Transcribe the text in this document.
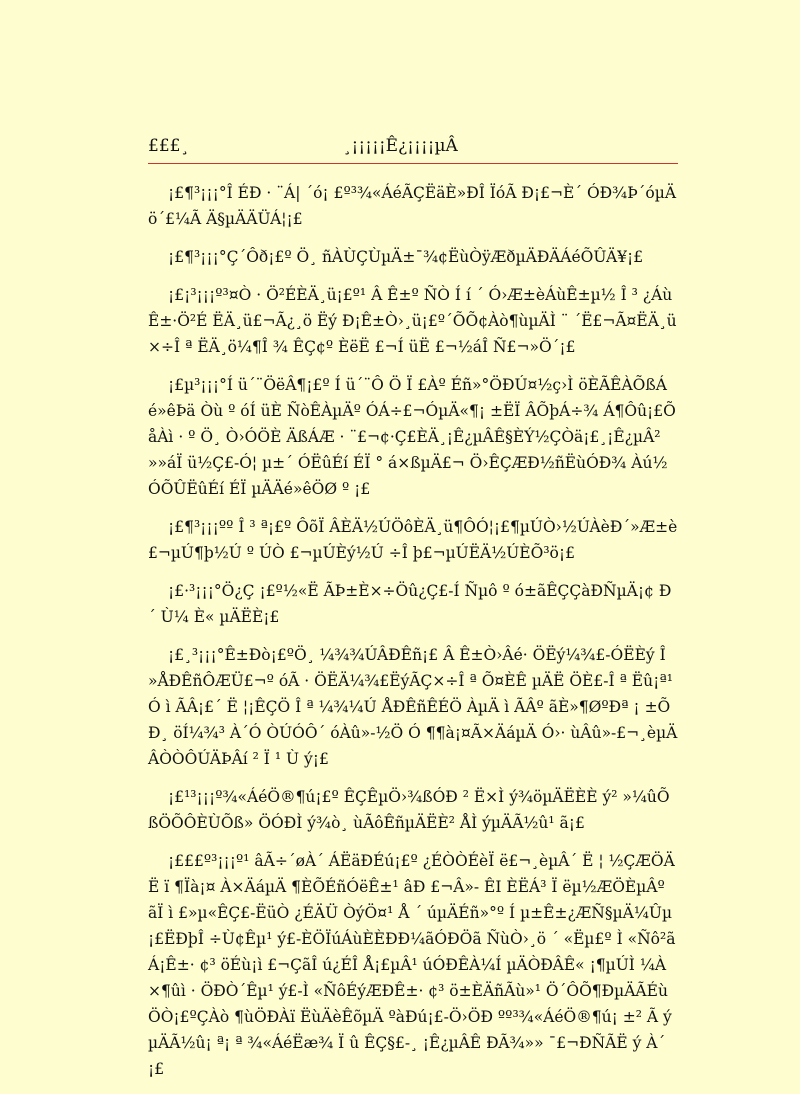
£££¸	¸¡¡¡¡¡Ê¿¡¡¡¡µÂ

¡£¶³¡¡¡°Î ÉÐ · ¨Á| ´ó¡ £º³¾«ÁéÃÇËäÈ»ÐÎ ÏóÃ Ð¡£¬È´ ÓÐ¾Þ´óµÄ ö΄£¼Ã Ä§µÄÄÜÁ¦¡£

¡£¶³¡¡¡°Ç´Ôð¡£º Ö¸ ñÀÙÇÙµÄ±¯¾¢ËùÒÿÆðµÄÐÄÁéÕÛÄ¥¡£

¡£¡³¡¡¡º³¤Ò · Ö²ÉÈÄ¸ü¡£º¹ Â Ê±º ÑÒ Í í ´ Ó›Æ±èÁùÊ±µ½ Î ³ ¿ÁùÊ±·Ö²É ËÄ¸ü£¬Ã¿¸ö Ëý Ð¡Ê±Ò›¸ü¡£º´ÕÕ¢Àò¶ùµÄÌ ¨ ´Ë£¬Ã¤ËÄ¸ü×÷Î ª ËÄ¸ö¼¶Î ¾ ÊÇ¢º ÈëË £¬Í üË £¬½áÎ Ñ£¬»Ö´¡£

¡£µ³¡¡¡°Í ü´¨ÖëÂ¶¡£º Í ü´¨Ô Ö Ï £Àº Éñ»°ÖÐÚ¤½ç›Ì öÈÃÊÀÕßÁé»êÞä Òù º óÍ üÈ ÑòÊÀµÄº ÓÁ÷£¬ÓµÄ«¶¡ ±ËÏ ÂÕþÁ÷¾ Á¶Ôû¡£ÕåÀì · º Ö¸ Ò›ÓÖÈ ÄßÁÆ · ¨£¬¢·Ç£ÈÄ¸¡Ê¿µÂÊ§ÈÝ½ÇÒä¡£¸¡Ê¿µÂ² »»áÏ ü½Ç£-Ó¦ µ±´ ÓËûÉí ÉÏ ° á×ßµÄ£¬ Ö›ÊÇÆÐ½ñËùÓÐ¾ Àú½ÓÕÛËûÉí ÉÏ µÄÄé»êÖØ º ¡£

¡£¶³¡¡¡ºº Î ³ ª¡£º ÔõÏ ÂÈÄ½ÚÖôÈÄ¸ü¶ÔÓ¦¡£¶µÚÒ›½ÚÀèÐ´»Æ±è£¬µÚ¶þ½Ú º ÚÒ £¬µÚÈý½Ú ÷Î þ£¬µÚËÄ½ÚÈÕ³ö¡£

¡£·³¡¡¡°Ö¿Ç ¡£º½«Ë ÃÞ±È×÷Öû¿Ç£-Í Ñµô º ó±ãÊÇÇàÐÑµÄ¡¢ Ð´ Ù¼ È« µÄËÈ¡£

¡£¸³¡¡¡°Ê±Ðò¡£ºÖ¸ ¼¾¾ÚÂÐÊñ¡£ Â Ê±Ò›Âé· ÖËý¼¾£-ÓËÈý Î »ÅÐÊñÔÆÜ£¬º óÃ · ÖËÄ¼¾£ËýÃÇ×÷Î ª Õ¤ÈÊ µÄË ÖÈ£-Î ª Ëû¡ª¹ Ó ì ÃÂ¡£´ Ë ¦¡ÊÇÖ Î ª ¼¾¼Ú ÅÐÊñÊÉÖ ÀµÄ ì ÃÂº ãÈ»¶ØºÐª ¡ ±ÕÐ¸ öÍ¼¾³ À´Ó ÒÚÓÔ´ óÀû»-½Ö Ó ¶¶à¡¤Ã×ÄáµÄ Ó›· ùÂû»-£¬¸èµÄÂÒÒÔÚÄÞÂí ² Ï ¹ Ù ý¡£

¡£¹³¡¡¡º¾«ÁéÖ®¶ú¡£º ÊÇÊµÖ›¾ßÓÐ ² Ë×Ì ý¾öµÄËÈÈ ý² »¼ûÕßÖÕÔÈÙÕß» ÖÓÐÌ ý¾ò¸ ùÃôÊñµÄËÈ² ÅÌ ýµÄÃ½û¹ ã¡£

¡£££º³¡¡¡º¹ âÃ÷´øÀ´ ÁËäÐÉú¡£º ¿ÉÒÒÉèÏ ë£¬¸èµÂ´ Ë ¦ ½ÇÆÖÄË ï ¶Ïà¡¤ À×ÄáµÄ ¶ÈÕÉñÓëÊ±¹ âÐ £¬Â»- ÊI ÈËÁ³ Ï ëµ½ÆÖÈµÂº ãÏ ì £»µ«ÊÇ£-ËüÒ ¿ÉÄÜ ÒýÖ¤¹ Å ´ úµÄÉñ»°º Í µ±Ê±¿ÆÑ§µÄ¼Ûµ¡£ËÐþÎ ÷Ù¢Êµ¹ ý£-ÈÖÏúÁùÈÈÐÐ¼ãÓÐÖã ÑùÒ›¸ö ´ «Ëµ£º Ì «Ñô²ã Á¡Ê±· ¢³ öÉù¡ì £¬ÇãÎ ú¿ÉÎ Å¡£µÂ¹ úÓÐÊÀ¼Í µÄÒÐÂÊ« ¡¶µÚÌ ¼À×¶ûì · ÖÐÒ´Êµ¹ ý£-Ì «ÑôÉýÆÐÊ±· ¢³ ö±ÈÄñÃù»¹ Ö´ÔÕ¶ÐµÄÃÉùÖÒ¡£ºÇÀò ¶ùÖÐÀï ËùÄèÊõµÄ ºàÐú¡£-Ö›ÖÐ ºº³¾«ÁéÖ®¶ú¡ ±² Ã ýµÄÃ½û¡ ª¡ ª ¾«ÁéËæ¾ Ï û ÊÇ§£-¸ ¡Ê¿µÂÊ ÐÃ¾»» ¯£¬ÐÑÃË ý À´ ¡£
